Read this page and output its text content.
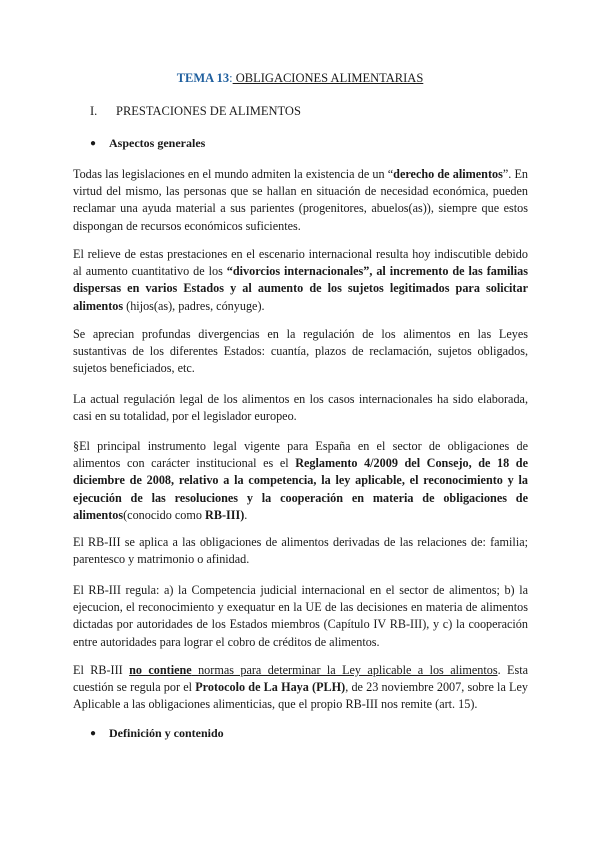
TEMA 13: OBLIGACIONES ALIMENTARIAS
I. PRESTACIONES DE ALIMENTOS
● Aspectos generales
Todas las legislaciones en el mundo admiten la existencia de un “derecho de alimentos”. En virtud del mismo, las personas que se hallan en situación de necesidad económica, pueden reclamar una ayuda material a sus parientes (progenitores, abuelos(as)), siempre que estos dispongan de recursos económicos suficientes.
El relieve de estas prestaciones en el escenario internacional resulta hoy indiscutible debido al aumento cuantitativo de los “divorcios internacionales”, al incremento de las familias dispersas en varios Estados y al aumento de los sujetos legitimados para solicitar alimentos (hijos(as), padres, cónyuge).
Se aprecian profundas divergencias en la regulación de los alimentos en las Leyes sustantivas de los diferentes Estados: cuantía, plazos de reclamación, sujetos obligados, sujetos beneficiados, etc.
La actual regulación legal de los alimentos en los casos internacionales ha sido elaborada, casi en su totalidad, por el legislador europeo.
§El principal instrumento legal vigente para España en el sector de obligaciones de alimentos con carácter institucional es el Reglamento 4/2009 del Consejo, de 18 de diciembre de 2008, relativo a la competencia, la ley aplicable, el reconocimiento y la ejecución de las resoluciones y la cooperación en materia de obligaciones de alimentos(conocido como RB-III).
El RB-III se aplica a las obligaciones de alimentos derivadas de las relaciones de: familia; parentesco y matrimonio o afinidad.
El RB-III regula: a) la Competencia judicial internacional en el sector de alimentos; b) la ejecucion, el reconocimiento y exequatur en la UE de las decisiones en materia de alimentos dictadas por autoridades de los Estados miembros (Capítulo IV RB-III), y c) la cooperación entre autoridades para lograr el cobro de créditos de alimentos.
El RB-III no contiene normas para determinar la Ley aplicable a los alimentos. Esta cuestión se regula por el Protocolo de La Haya (PLH), de 23 noviembre 2007, sobre la Ley Aplicable a las obligaciones alimenticias, que el propio RB-III nos remite (art. 15).
● Definición y contenido
